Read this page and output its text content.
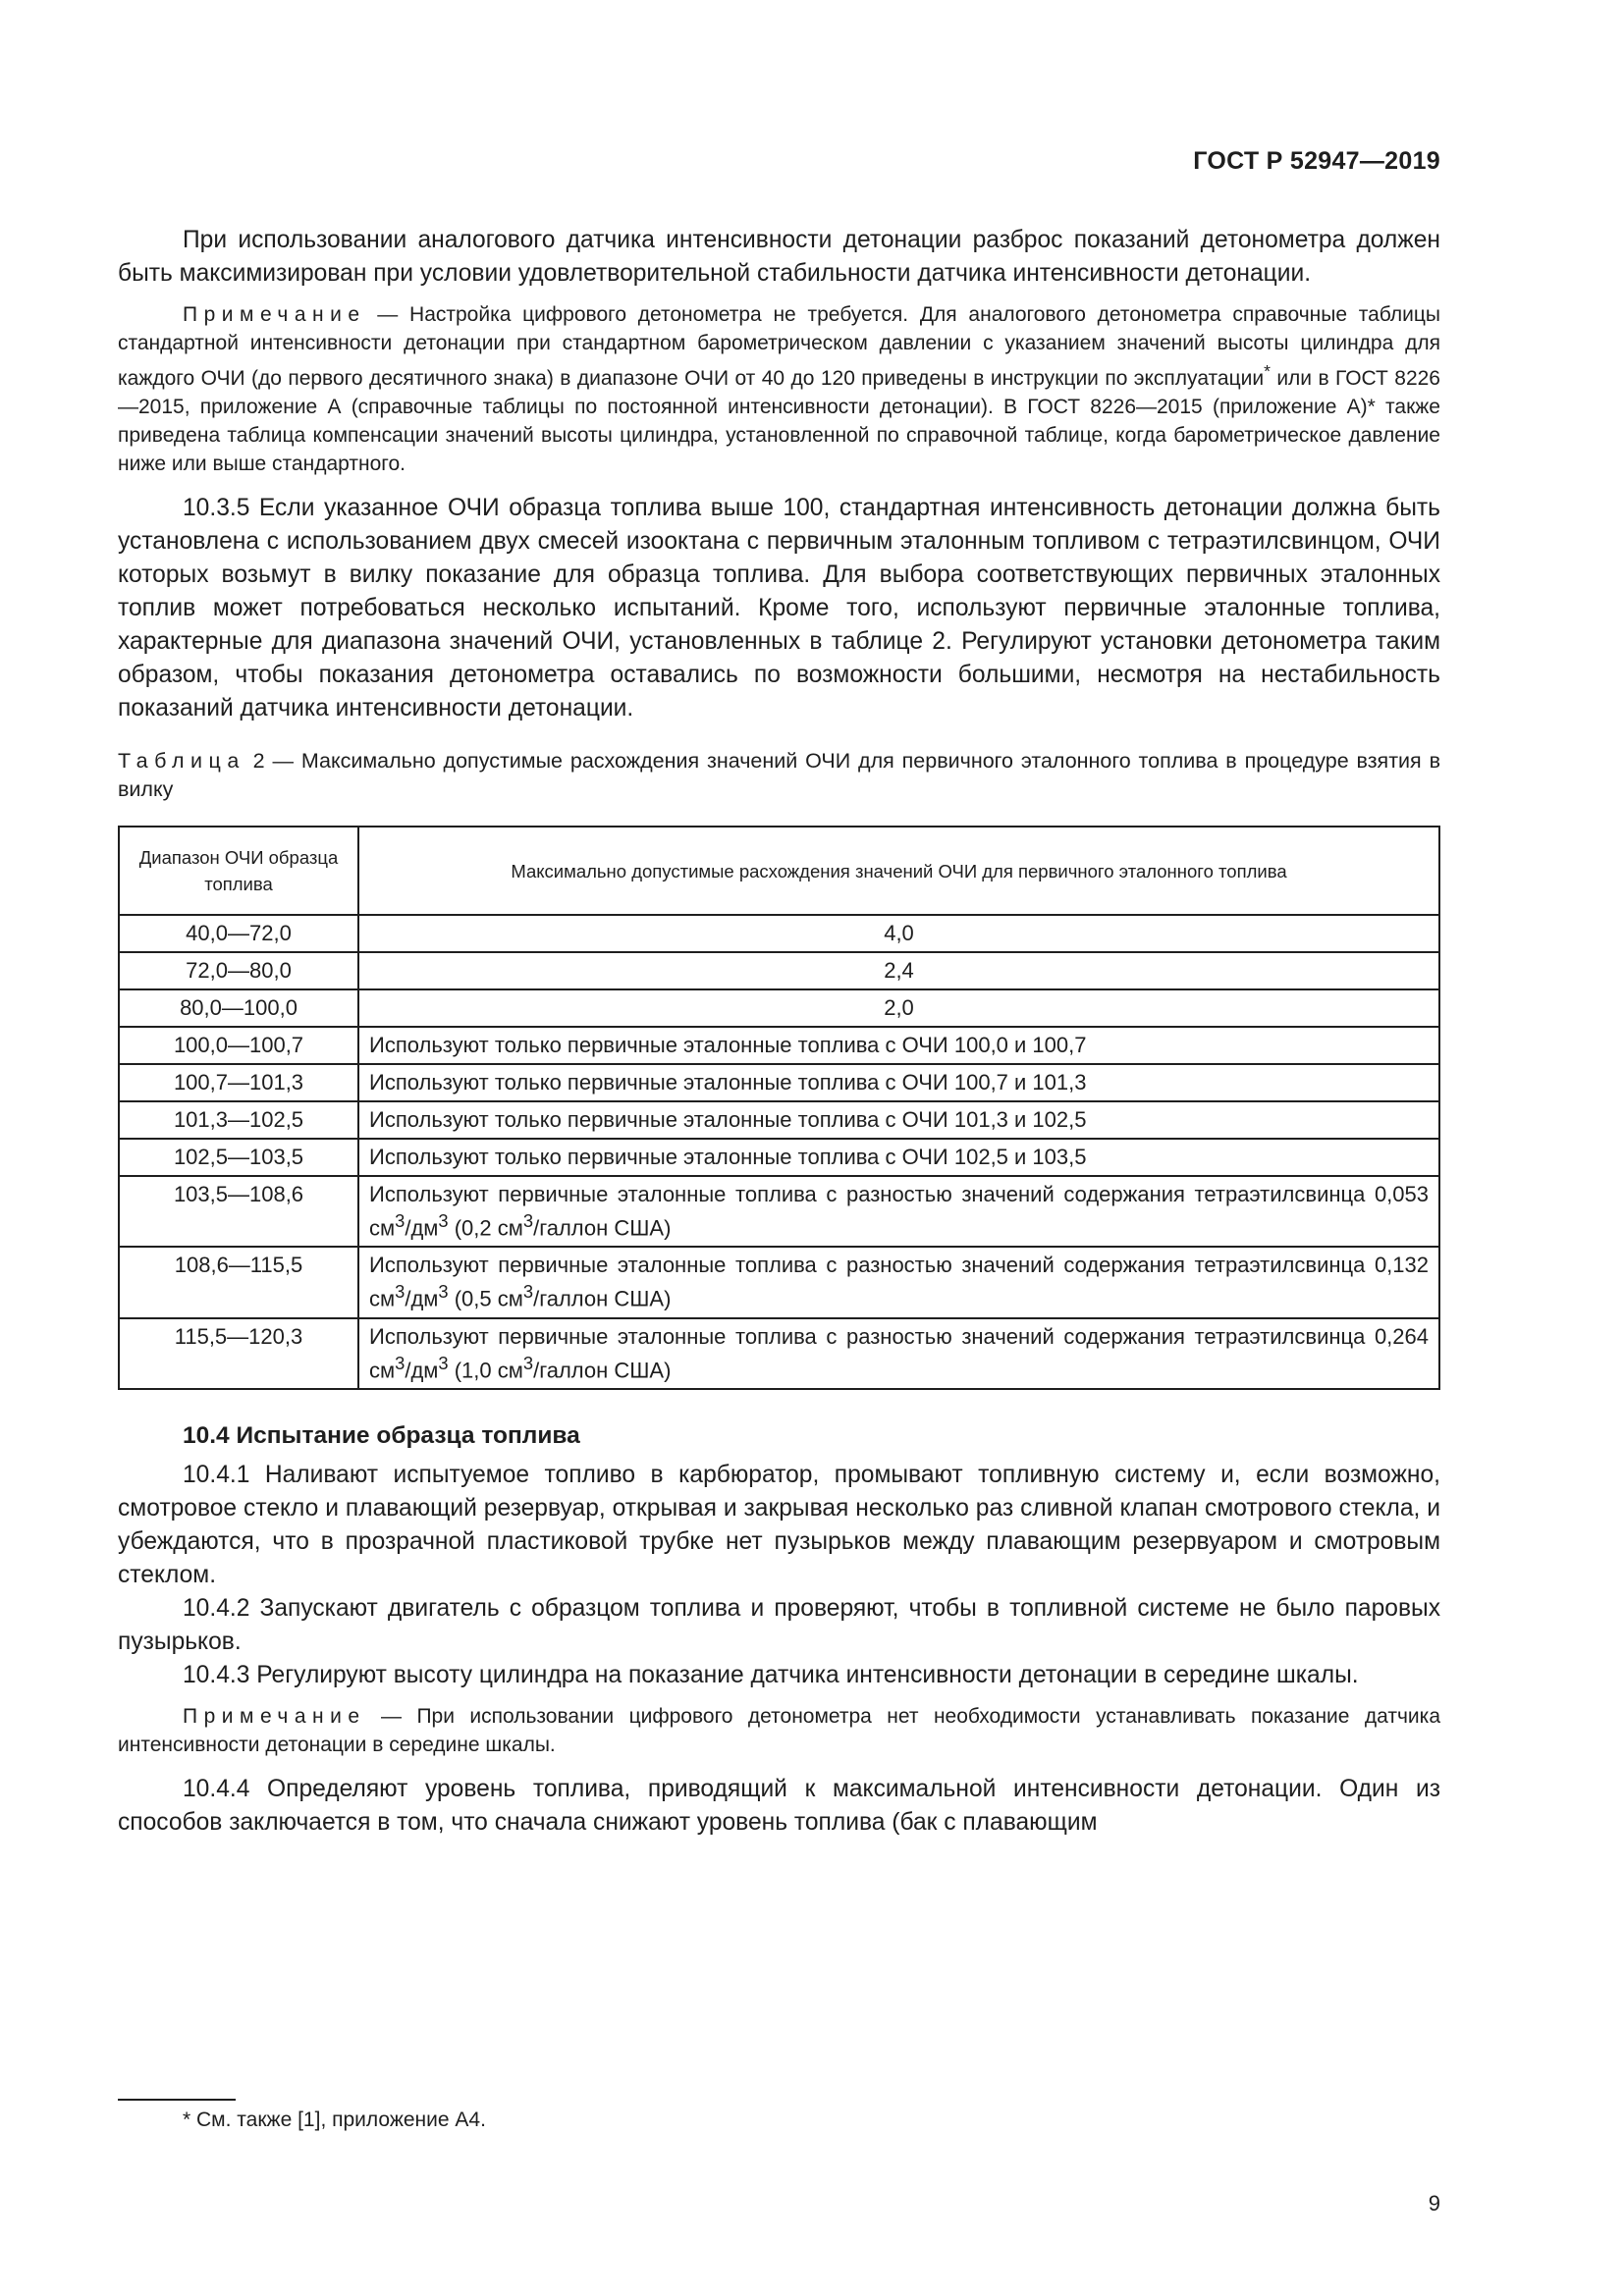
ГОСТ Р 52947—2019

При использовании аналогового датчика интенсивности детонации разброс показаний детонометра должен быть максимизирован при условии удовлетворительной стабильности датчика интенсивности детонации.

Примечание — Настройка цифрового детонометра не требуется. Для аналогового детонометра справочные таблицы стандартной интенсивности детонации при стандартном барометрическом давлении с указанием значений высоты цилиндра для каждого ОЧИ (до первого десятичного знака) в диапазоне ОЧИ от 40 до 120 приведены в инструкции по эксплуатации* или в ГОСТ 8226—2015, приложение А (справочные таблицы по постоянной интенсивности детонации). В ГОСТ 8226—2015 (приложение А)* также приведена таблица компенсации значений высоты цилиндра, установленной по справочной таблице, когда барометрическое давление ниже или выше стандартного.

10.3.5 Если указанное ОЧИ образца топлива выше 100, стандартная интенсивность детонации должна быть установлена с использованием двух смесей изооктана с первичным эталонным топливом с тетраэтилсвинцом, ОЧИ которых возьмут в вилку показание для образца топлива. Для выбора соответствующих первичных эталонных топлив может потребоваться несколько испытаний. Кроме того, используют первичные эталонные топлива, характерные для диапазона значений ОЧИ, установленных в таблице 2. Регулируют установки детонометра таким образом, чтобы показания детонометра оставались по возможности большими, несмотря на нестабильность показаний датчика интенсивности детонации.

Таблица 2 — Максимально допустимые расхождения значений ОЧИ для первичного эталонного топлива в процедуре взятия в вилку

Диапазон ОЧИ образца топлива	Максимально допустимые расхождения значений ОЧИ для первичного эталонного топлива
40,0—72,0	4,0
72,0—80,0	2,4
80,0—100,0	2,0
100,0—100,7	Используют только первичные эталонные топлива с ОЧИ 100,0 и 100,7
100,7—101,3	Используют только первичные эталонные топлива с ОЧИ 100,7 и 101,3
101,3—102,5	Используют только первичные эталонные топлива с ОЧИ 101,3 и 102,5
102,5—103,5	Используют только первичные эталонные топлива с ОЧИ 102,5 и 103,5
103,5—108,6	Используют первичные эталонные топлива с разностью значений содержания тетраэтилсвинца 0,053 $см^3/дм^3$ (0,2 $см^3$/галлон США)
108,6—115,5	Используют первичные эталонные топлива с разностью значений содержания тетраэтилсвинца 0,132 $см^3/дм^3$ (0,5 $см^3$/галлон США)
115,5—120,3	Используют первичные эталонные топлива с разностью значений содержания тетраэтилсвинца 0,264 $см^3/дм^3$ (1,0 $см^3$/галлон США)
10.4 Испытание образца топлива

10.4.1 Наливают испытуемое топливо в карбюратор, промывают топливную систему и, если возможно, смотровое стекло и плавающий резервуар, открывая и закрывая несколько раз сливной клапан смотрового стекла, и убеждаются, что в прозрачной пластиковой трубке нет пузырьков между плавающим резервуаром и смотровым стеклом.

10.4.2 Запускают двигатель с образцом топлива и проверяют, чтобы в топливной системе не было паровых пузырьков.

10.4.3 Регулируют высоту цилиндра на показание датчика интенсивности детонации в середине шкалы.

Примечание — При использовании цифрового детонометра нет необходимости устанавливать показание датчика интенсивности детонации в середине шкалы.

10.4.4 Определяют уровень топлива, приводящий к максимальной интенсивности детонации. Один из способов заключается в том, что сначала снижают уровень топлива (бак с плавающим

* См. также [1], приложение А4.
9
